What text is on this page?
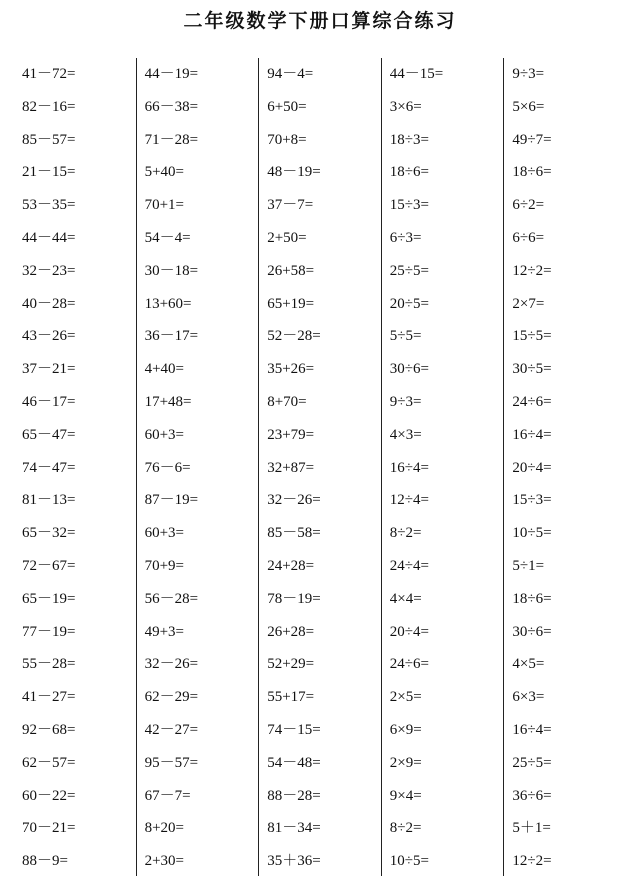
二年级数学下册口算综合练习
41－72=
82－16=
85－57=
21－15=
53－35=
44－44=
32－23=
40－28=
43－26=
37－21=
46－17=
65－47=
74－47=
81－13=
65－32=
72－67=
65－19=
77－19=
55－28=
41－27=
92－68=
62－57=
60－22=
70－21=
88－9=
44－19=
66－38=
71－28=
5+40=
70+1=
54－4=
30－18=
13+60=
36－17=
4+40=
17+48=
60+3=
76－6=
87－19=
60+3=
70+9=
56－28=
49+3=
32－26=
62－29=
42－27=
95－57=
67－7=
8+20=
2+30=
94－4=
6+50=
70+8=
48－19=
37－7=
2+50=
26+58=
65+19=
52－28=
35+26=
8+70=
23+79=
32+87=
32－26=
85－58=
24+28=
78－19=
26+28=
52+29=
55+17=
74－15=
54－48=
88－28=
81－34=
35＋36=
44－15=
3×6=
18÷3=
18÷6=
15÷3=
6÷3=
25÷5=
20÷5=
5÷5=
30÷6=
9÷3=
4×3=
16÷4=
12÷4=
8÷2=
24÷4=
4×4=
20÷4=
24÷6=
2×5=
6×9=
2×9=
9×4=
8÷2=
10÷5=
9÷3=
5×6=
49÷7=
18÷6=
6÷2=
6÷6=
12÷2=
2×7=
15÷5=
30÷5=
24÷6=
16÷4=
20÷4=
15÷3=
10÷5=
5÷1=
18÷6=
30÷6=
4×5=
6×3=
16÷4=
25÷5=
36÷6=
5＋1=
12÷2=
